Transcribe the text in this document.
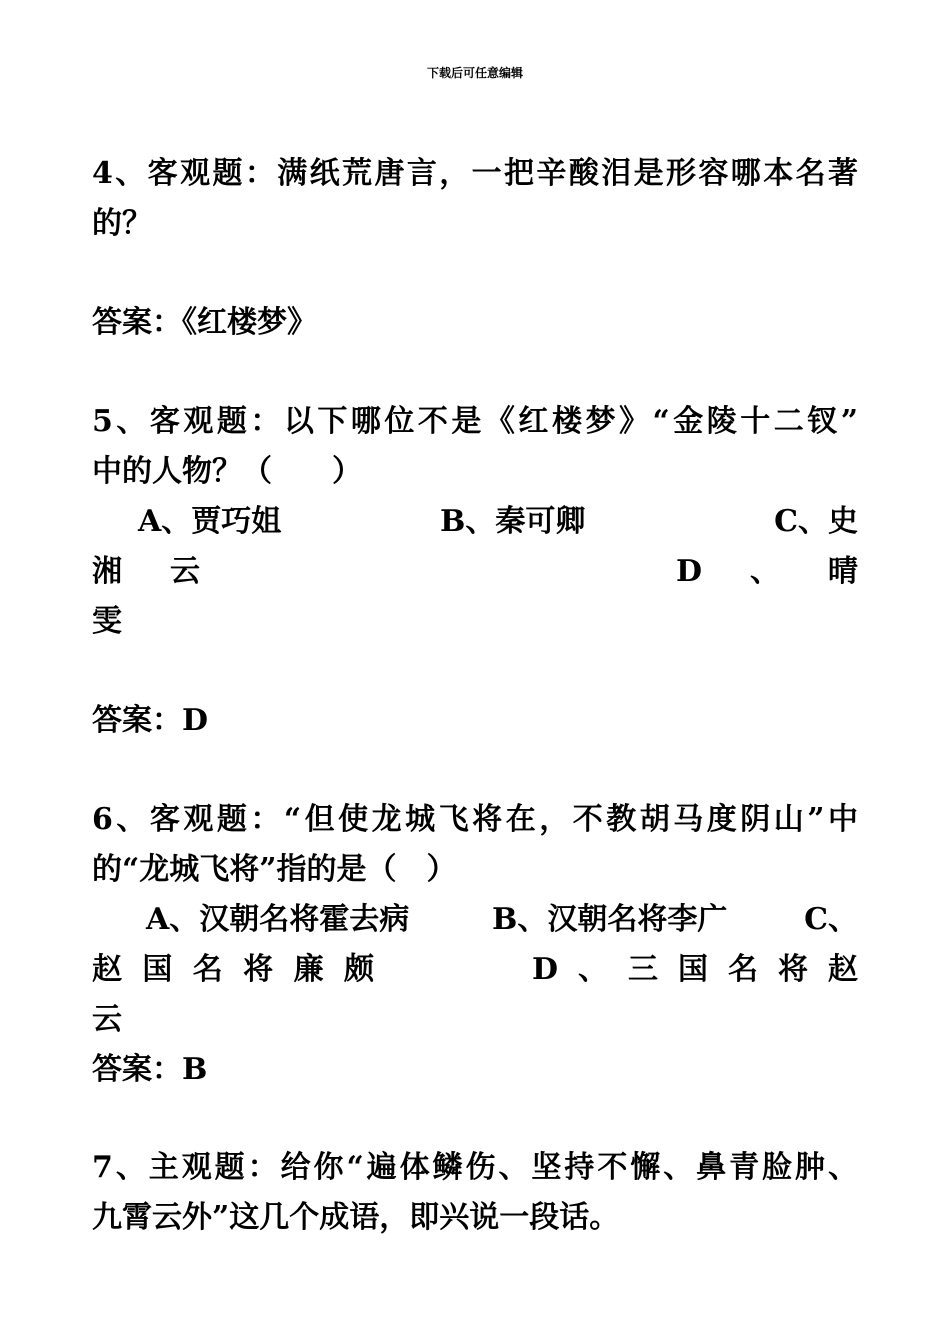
下载后可任意编辑
4、客观题：满纸荒唐言，一把辛酸泪是形容哪本名著
的？
答案：《红楼梦》
5、客观题：以下哪位不是《红楼梦》“金陵十二钗”
中的人物？（　　）
A、贾巧姐	B、秦可卿	C、史
湘 云	D 、 晴
雯
答案：D
6、客观题：“但使龙城飞将在，不教胡马度阴山”中
的“龙城飞将”指的是（　）
A、汉朝名将霍去病	B、汉朝名将李广	C、
赵 国 名 将 廉 颇	D 、 三 国 名 将 赵
云
答案：B
7、主观题：给你“遍体鳞伤、坚持不懈、鼻青脸肿、
九霄云外”这几个成语，即兴说一段话。
